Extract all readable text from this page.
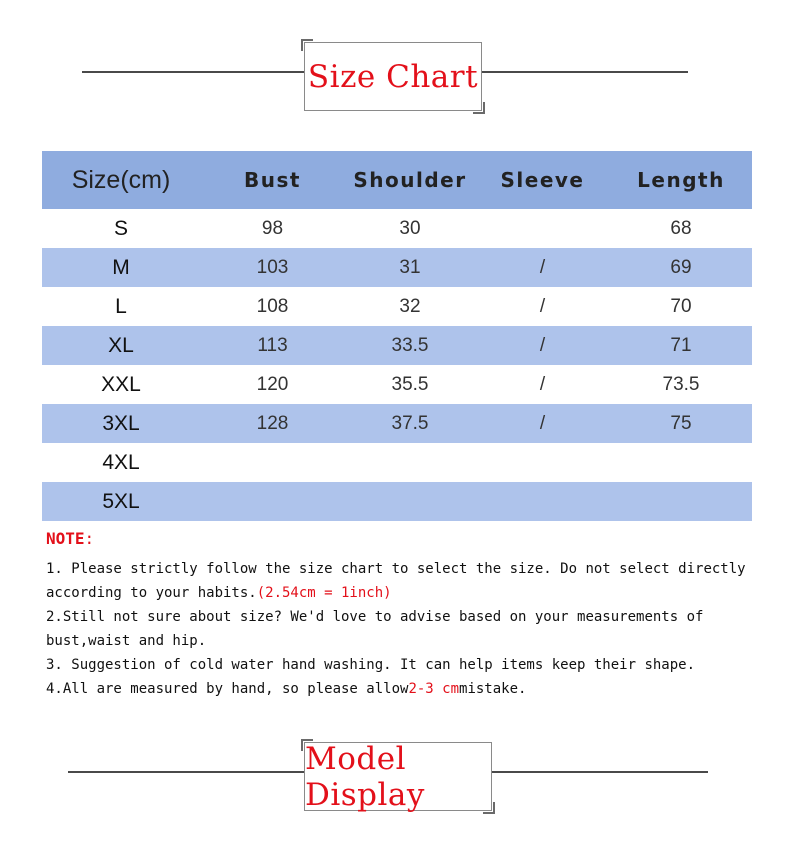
Size Chart
Size(cm)	Bust	Shoulder	Sleeve	Length
S	98	30		68
M	103	31	/	69
L	108	32	/	70
XL	113	33.5	/	71
XXL	120	35.5	/	73.5
3XL	128	37.5	/	75
4XL				
5XL				
NOTE:

1. Please strictly follow the size chart to select the size. Do not select directly according to your habits.(2.54cm = 1inch)

2.Still not sure about size? We'd love to advise based on your measurements of bust,waist and hip.

3. Suggestion of cold water hand washing. It can help items keep their shape.

4.All are measured by hand, so please allow2-3 cmmistake.

Model Display
